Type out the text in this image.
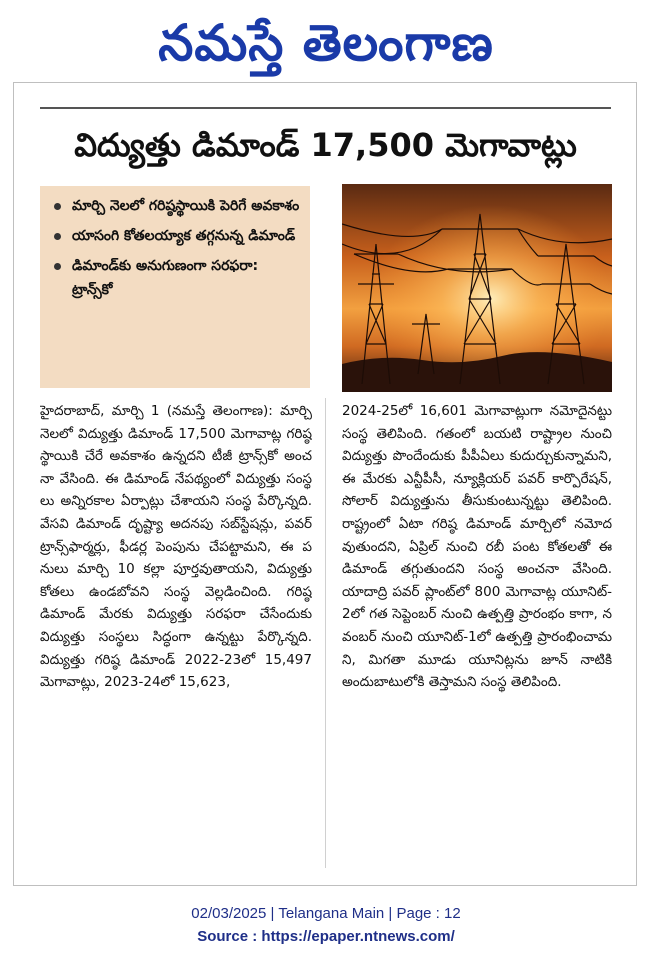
నమస్తే తెలంగాణ
విద్యుత్తు డిమాండ్ 17,500 మెగావాట్లు
మార్చి నెలలో గరిష్ఠస్థాయికి పెరిగే అవకాశం
యాసంగి కోతలయ్యాక తగ్గనున్న డిమాండ్
డిమాండ్‌కు అనుగుణంగా సరఫరా: ట్రాన్స్‌కో
హైదరాబాద్, మార్చి 1 (నమస్తే తెలంగాణ): మార్చి నెలలో విద్యుత్తు డిమాండ్ 17,500 మెగావాట్ల గరిష్ఠ స్థాయికి చేరే అవకాశం ఉన్నదని టీజీ ట్రాన్స్‌కో అంచనా వేసింది. ఈ డిమాండ్ నేపథ్యంలో విద్యుత్తు సంస్థలు అన్నిరకాల ఏర్పాట్లు చేశాయని సంస్థ పేర్కొన్నది. వేసవి డిమాండ్ దృష్ట్యా అదనపు సబ్‌స్టేషన్లు, పవర్ ట్రాన్స్‌ఫార్మర్లు, ఫీడర్ల పెంపును చేపట్టామని, ఈ పనులు మార్చి 10 కల్లా పూర్తవుతాయని, విద్యుత్తు కోతలు ఉండబోవని సంస్థ వెల్లడించింది. గరిష్ఠ డిమాండ్ మేరకు విద్యుత్తు సరఫరా చేసేందుకు విద్యుత్తు సంస్థలు సిద్ధంగా ఉన్నట్టు పేర్కొన్నది. విద్యుత్తు గరిష్ఠ డిమాండ్ 2022-23లో 15,497 మెగావాట్లు, 2023-24లో 15,623,
2024-25లో 16,601 మెగావాట్లుగా నమోదైనట్టు సంస్థ తెలిపింది. గతంలో బయటి రాష్ట్రాల నుంచి విద్యుత్తు పొందేందుకు పీపీఏలు కుదుర్చుకున్నామని, ఈ మేరకు ఎన్టీపీసీ, న్యూక్లియర్ పవర్ కార్పొరేషన్, సోలార్ విద్యుత్తును తీసుకుంటున్నట్టు తెలిపింది. రాష్ట్రంలో ఏటా గరిష్ఠ డిమాండ్ మార్చిలో నమోదవుతుందని, ఏప్రిల్ నుంచి రబీ పంట కోతలతో ఈ డిమాండ్ తగ్గుతుందని సంస్థ అంచనా వేసింది. యాదాద్రి పవర్ ప్లాంట్‌లో 800 మెగావాట్ల యూనిట్-2లో గత సెప్టెంబర్ నుంచి ఉత్పత్తి ప్రారంభం కాగా, నవంబర్ నుంచి యూనిట్-1లో ఉత్పత్తి ప్రారంభించామని, మిగతా మూడు యూనిట్లను జూన్ నాటికి అందుబాటులోకి తెస్తామని సంస్థ తెలిపింది.
02/03/2025 | Telangana Main | Page : 12
Source : https://epaper.ntnews.com/
